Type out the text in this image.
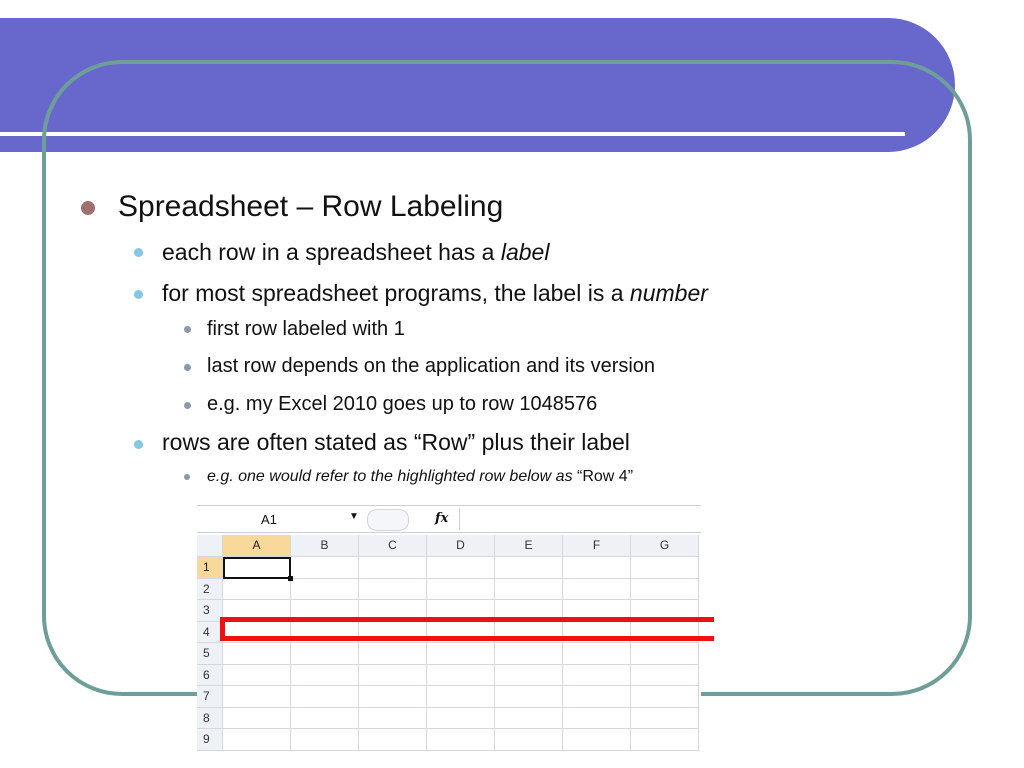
Spreadsheet – Row Labeling
each row in a spreadsheet has a label
for most spreadsheet programs, the label is a number
first row labeled with 1
last row depends on the application and its version
e.g. my Excel 2010 goes up to row 1048576
rows are often stated as “Row” plus their label
e.g. one would refer to the highlighted row below as “Row 4”
A1	▼	fx
A	B	C	D	E	F	G
1
2
3
4
5
6
7
8
9
